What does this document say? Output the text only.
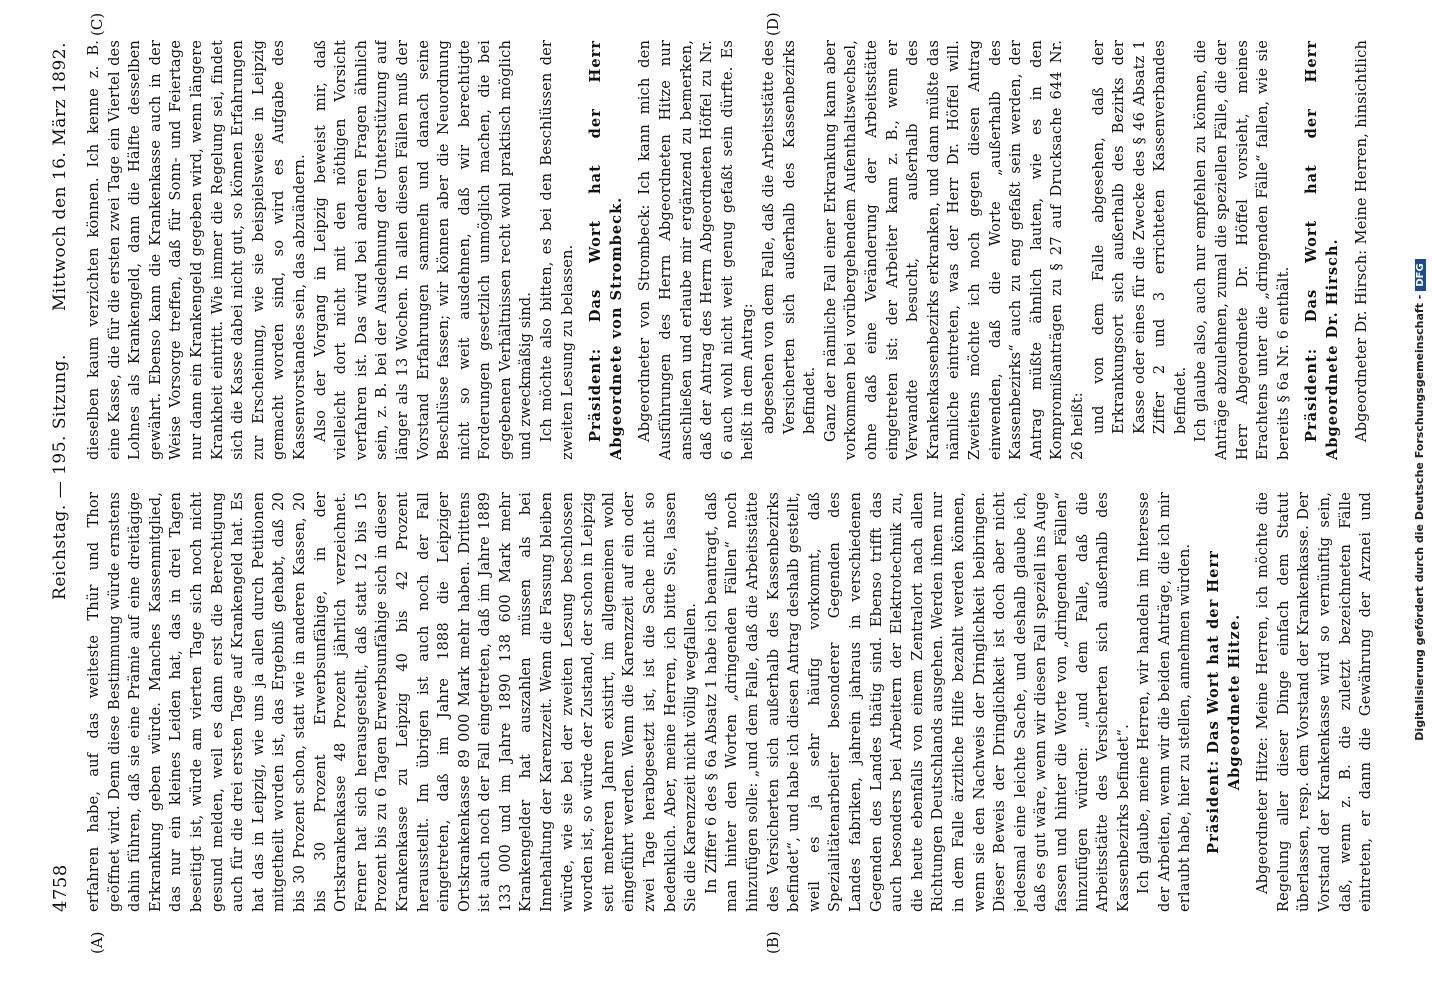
4758
Reichstag. — 195. Sitzung.
Mittwoch den 16. März 1892.
(A)	(B)
(C)	(D)

erfahren habe, auf das weiteste Thür und Thor geöffnet wird. Denn diese Bestimmung würde ernstens dahin führen, daß sie eine Prämie auf eine dreitägige Erkrankung geben würde. Manches Kassenmitglied, das nur ein kleines Leiden hat, das in drei Tagen beseitigt ist, würde am vierten Tage sich noch nicht gesund melden, weil es dann erst die Berechtigung auch für die drei ersten Tage auf Krankengeld hat. Es hat das in Leipzig, wie uns ja allen durch Petitionen mitgetheilt worden ist, das Ergebniß gehabt, daß 20 bis 30 Prozent schon, statt wie in anderen Kassen, 20 bis 30 Prozent Erwerbsunfähige, in der Ortskrankenkasse 48 Prozent jährlich verzeichnet. Ferner hat sich herausgestellt, daß statt 12 bis 15 Prozent bis zu 6 Tagen Erwerbsunfähige sich in dieser Krankenkasse zu Leipzig 40 bis 42 Prozent herausstellt. Im übrigen ist auch noch der Fall eingetreten, daß im Jahre 1888 die Leipziger Ortskrankenkasse 89 000 Mark mehr haben. Drittens ist auch noch der Fall eingetreten, daß im Jahre 1889 133 000 und im Jahre 1890 138 600 Mark mehr Krankengelder hat auszahlen müssen als bei Innehaltung der Karenzzeit. Wenn die Fassung bleiben würde, wie sie bei der zweiten Lesung beschlossen worden ist, so würde der Zustand, der schon in Leipzig seit mehreren Jahren existirt, im allgemeinen wohl eingeführt werden. Wenn die Karenzzeit auf ein oder zwei Tage herabgesetzt ist, ist die Sache nicht so bedenklich. Aber, meine Herren, ich bitte Sie, lassen Sie die Karenzzeit nicht völlig wegfallen. In Ziffer 6 des § 6a Absatz 1 habe ich beantragt, daß man hinter den Worten „dringenden Fällen“ noch hinzufügen solle: „und dem Falle, daß die Arbeitsstätte des Versicherten sich außerhalb des Kassenbezirks befindet“, und habe ich diesen Antrag deshalb gestellt, weil es ja sehr häufig vorkommt, daß Spezialitätenarbeiter besonderer Gegenden des Landes fabriken, jahrein jahraus in verschiedenen Gegenden des Landes thätig sind. Ebenso trifft das auch besonders bei Arbeitern der Elektrotechnik zu, die heute ebenfalls von einem Zentralort nach allen Richtungen Deutschlands ausgehen. Werden ihnen nur in dem Falle ärztliche Hilfe bezahlt werden können, wenn sie den Nachweis der Dringlichkeit beibringen. Dieser Beweis der Dringlichkeit ist doch aber nicht jedesmal eine leichte Sache, und deshalb glaube ich, daß es gut wäre, wenn wir diesen Fall speziell ins Auge fassen und hinter die Worte von „dringenden Fällen“ hinzufügen würden: „und dem Falle, daß die Arbeitsstätte des Versicherten sich außerhalb des Kassenbezirks befindet“. Ich glaube, meine Herren, wir handeln im Interesse der Arbeiten, wenn wir die beiden Anträge, die ich mir erlaubt habe, hier zu stellen, annehmen würden. Präsident: Das Wort hat der Herr Abgeordnete Hitze.

Abgeordneter Hitze: Meine Herren, ich möchte die Regelung aller dieser Dinge einfach dem Statut überlassen, resp. dem Vorstand der Krankenkasse. Der Vorstand der Krankenkasse wird so vernünftig sein, daß, wenn z. B. die zuletzt bezeichneten Fälle eintreten, er dann die Gewährung der Arznei und

dieselben kaum verzichten können. Ich kenne z. B. eine Kasse, die für die ersten zwei Tage ein Viertel des Lohnes als Krankengeld, dann die Hälfte desselben gewährt. Ebenso kann die Krankenkasse auch in der Weise Vorsorge treffen, daß für Sonn- und Feiertage nur dann ein Krankengeld gegeben wird, wenn längere Krankheit eintritt. Wie immer die Regelung sei, findet sich die Kasse dabei nicht gut, so können Erfahrungen zur Erscheinung, wie sie beispielsweise in Leipzig gemacht worden sind, so wird es Aufgabe des Kassenvorstandes sein, das abzuändern. Also der Vorgang in Leipzig beweist mir, daß vielleicht dort nicht mit den nöthigen Vorsicht verfahren ist. Das wird bei anderen Fragen ähnlich sein, z. B. bei der Ausdehnung der Unterstützung auf länger als 13 Wochen. In allen diesen Fällen muß der Vorstand Erfahrungen sammeln und danach seine Beschlüsse fassen; wir können aber die Neuordnung nicht so weit ausdehnen, daß wir berechtigte Forderungen gesetzlich unmöglich machen, die bei gegebenen Verhältnissen recht wohl praktisch möglich und zweckmäßig sind. Ich möchte also bitten, es bei den Beschlüssen der zweiten Lesung zu belassen. Präsident: Das Wort hat der Herr Abgeordnete von Strombeck. Abgeordneter von Strombeck: Ich kann mich den Ausführungen des Herrn Abgeordneten Hitze nur anschließen und erlaube mir ergänzend zu bemerken, daß der Antrag des Herrn Abgeordneten Höffel zu Nr. 6 auch wohl nicht weit genug gefaßt sein dürfte. Es heißt in dem Antrag: abgesehen von dem Falle, daß die Arbeitsstätte des Versicherten sich außerhalb des Kassenbezirks befindet. Ganz der nämliche Fall einer Erkrankung kann aber vorkommen bei vorübergehendem Aufenthaltswechsel, ohne daß eine Veränderung der Arbeitsstätte eingetreten ist: der Arbeiter kann z. B., wenn er Verwandte besucht, außerhalb des Krankenkassenbezirks erkranken, und dann müßte das nämliche eintreten, was der Herr Dr. Höffel will. Zweitens möchte ich noch gegen diesen Antrag einwenden, daß die Worte „außerhalb des Kassenbezirks“ auch zu eng gefaßt sein werden, der Antrag müßte ähnlich lauten, wie es in den Kompromißanträgen zu § 27 auf Drucksache 644 Nr. 26 heißt: und von dem Falle abgesehen, daß der Erkrankungsort sich außerhalb des Bezirks der Kasse oder eines für die Zwecke des § 46 Absatz 1 Ziffer 2 und 3 errichteten Kassenverbandes befindet. Ich glaube also, auch nur empfehlen zu können, die Anträge abzulehnen, zumal die speziellen Fälle, die der Herr Abgeordnete Dr. Höffel vorsieht, meines Erachtens unter die „dringenden Fälle“ fallen, wie sie bereits § 6a Nr. 6 enthält. Präsident: Das Wort hat der Herr Abgeordnete Dr. Hirsch. Abgeordneter Dr. Hirsch: Meine Herren, hinsichtlich

Digitalisierung gefördert durch die Deutsche Forschungsgemeinschaft -DFG
